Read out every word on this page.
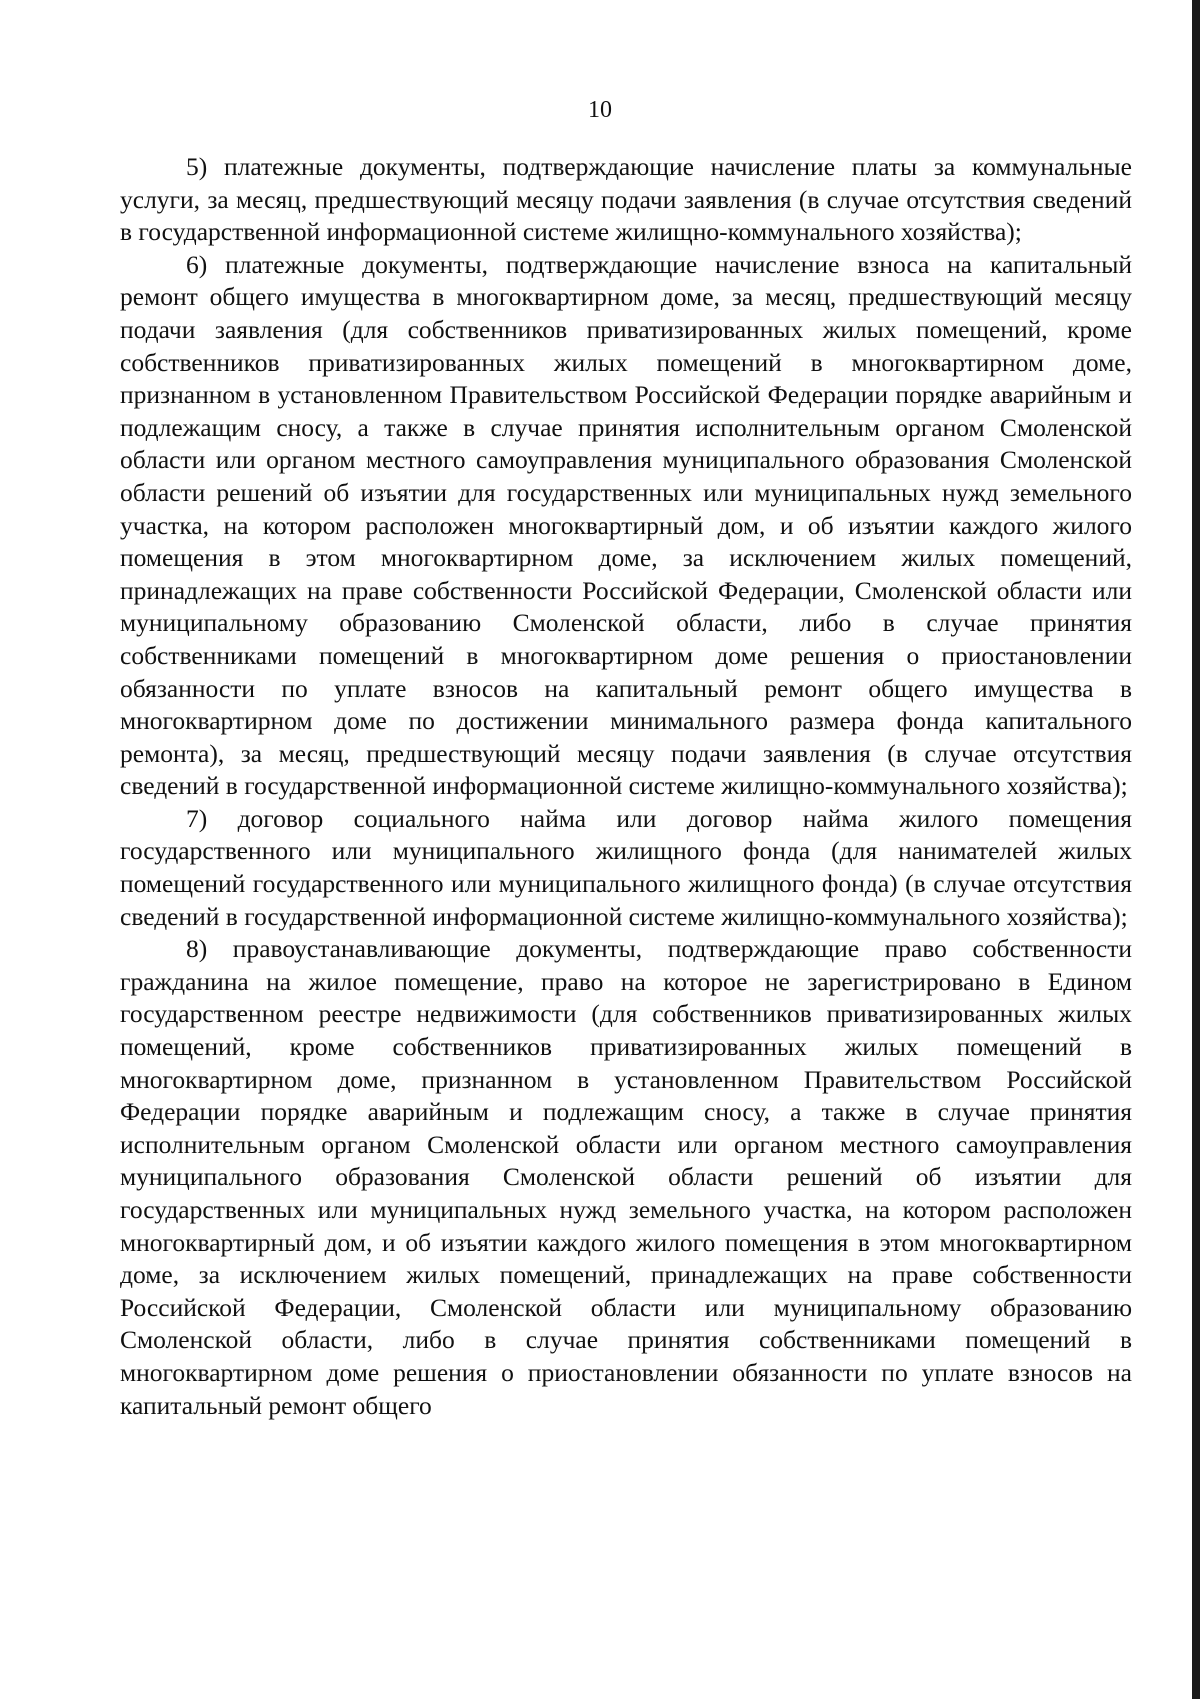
10

5) платежные документы, подтверждающие начисление платы за коммунальные услуги, за месяц, предшествующий месяцу подачи заявления (в случае отсутствия сведений в государственной информационной системе жилищно-коммунального хозяйства);

6) платежные документы, подтверждающие начисление взноса на капитальный ремонт общего имущества в многоквартирном доме, за месяц, предшествующий месяцу подачи заявления (для собственников приватизированных жилых помещений, кроме собственников приватизированных жилых помещений в многоквартирном доме, признанном в установленном Правительством Российской Федерации порядке аварийным и подлежащим сносу, а также в случае принятия исполнительным органом Смоленской области или органом местного самоуправления муниципального образования Смоленской области решений об изъятии для государственных или муниципальных нужд земельного участка, на котором расположен многоквартирный дом, и об изъятии каждого жилого помещения в этом многоквартирном доме, за исключением жилых помещений, принадлежащих на праве собственности Российской Федерации, Смоленской области или муниципальному образованию Смоленской области, либо в случае принятия собственниками помещений в многоквартирном доме решения о приостановлении обязанности по уплате взносов на капитальный ремонт общего имущества в многоквартирном доме по достижении минимального размера фонда капитального ремонта), за месяц, предшествующий месяцу подачи заявления (в случае отсутствия сведений в государственной информационной системе жилищно-коммунального хозяйства);

7) договор социального найма или договор найма жилого помещения государственного или муниципального жилищного фонда (для нанимателей жилых помещений государственного или муниципального жилищного фонда) (в случае отсутствия сведений в государственной информационной системе жилищно-коммунального хозяйства);

8) правоустанавливающие документы, подтверждающие право собственности гражданина на жилое помещение, право на которое не зарегистрировано в Едином государственном реестре недвижимости (для собственников приватизированных жилых помещений, кроме собственников приватизированных жилых помещений в многоквартирном доме, признанном в установленном Правительством Российской Федерации порядке аварийным и подлежащим сносу, а также в случае принятия исполнительным органом Смоленской области или органом местного самоуправления муниципального образования Смоленской области решений об изъятии для государственных или муниципальных нужд земельного участка, на котором расположен многоквартирный дом, и об изъятии каждого жилого помещения в этом многоквартирном доме, за исключением жилых помещений, принадлежащих на праве собственности Российской Федерации, Смоленской области или муниципальному образованию Смоленской области, либо в случае принятия собственниками помещений в многоквартирном доме решения о приостановлении обязанности по уплате взносов на капитальный ремонт общего
